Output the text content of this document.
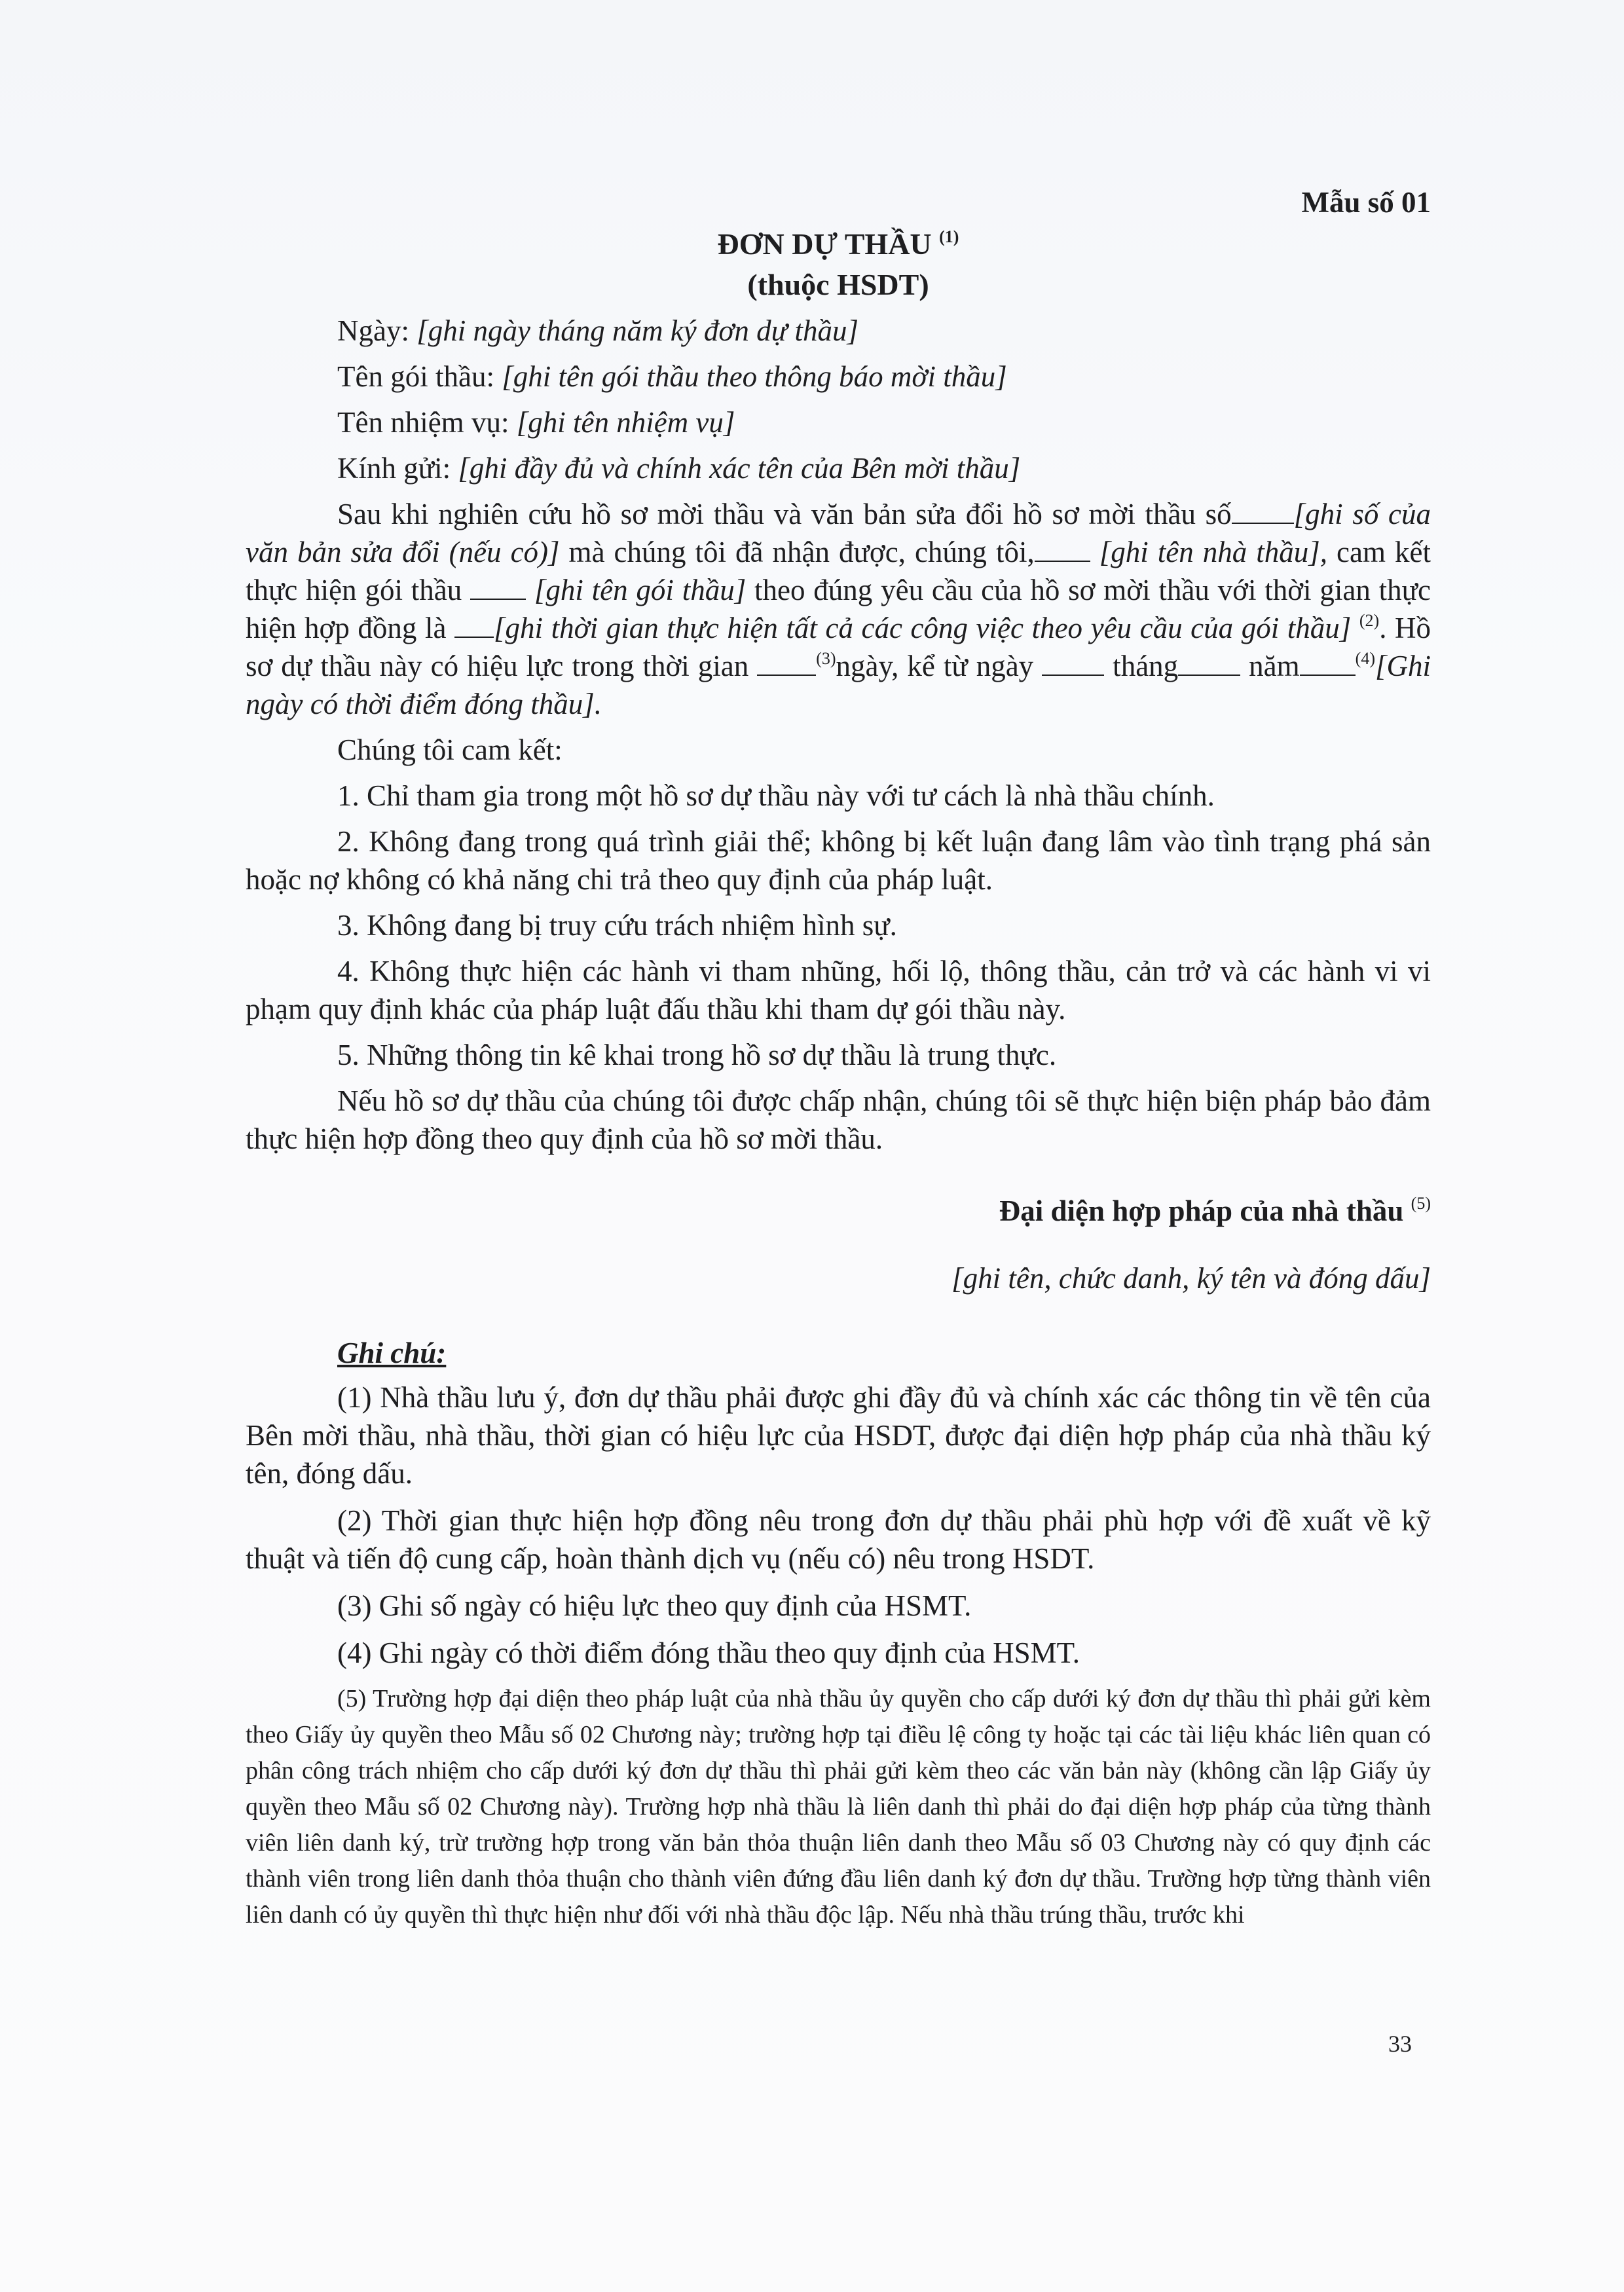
Mẫu số 01

ĐƠN DỰ THẦU $^{(1)}$

(thuộc HSDT)

Ngày: [ghi ngày tháng năm ký đơn dự thầu]

Tên gói thầu: [ghi tên gói thầu theo thông báo mời thầu]

Tên nhiệm vụ: [ghi tên nhiệm vụ]

Kính gửi: [ghi đầy đủ và chính xác tên của Bên mời thầu]

Sau khi nghiên cứu hồ sơ mời thầu và văn bản sửa đổi hồ sơ mời thầu số [ghi số của văn bản sửa đổi (nếu có)] mà chúng tôi đã nhận được, chúng tôi, [ghi tên nhà thầu], cam kết thực hiện gói thầu  [ghi tên gói thầu] theo đúng yêu cầu của hồ sơ mời thầu với thời gian thực hiện hợp đồng là [ghi thời gian thực hiện tất cả các công việc theo yêu cầu của gói thầu] $^{(2)}$. Hồ sơ dự thầu này có hiệu lực trong thời gian	$^{(3)}$ngày, kể từ ngày  tháng năm	$^{(4)}$[Ghi ngày có thời điểm đóng thầu].

Chúng tôi cam kết:

1. Chỉ tham gia trong một hồ sơ dự thầu này với tư cách là nhà thầu chính.

2. Không đang trong quá trình giải thể; không bị kết luận đang lâm vào tình trạng phá sản hoặc nợ không có khả năng chi trả theo quy định của pháp luật.

3. Không đang bị truy cứu trách nhiệm hình sự.

4. Không thực hiện các hành vi tham nhũng, hối lộ, thông thầu, cản trở và các hành vi vi phạm quy định khác của pháp luật đấu thầu khi tham dự gói thầu này.

5. Những thông tin kê khai trong hồ sơ dự thầu là trung thực.

Nếu hồ sơ dự thầu của chúng tôi được chấp nhận, chúng tôi sẽ thực hiện biện pháp bảo đảm thực hiện hợp đồng theo quy định của hồ sơ mời thầu.

Đại diện hợp pháp của nhà thầu $^{(5)}$

[ghi tên, chức danh, ký tên và đóng dấu]

Ghi chú:

(1) Nhà thầu lưu ý, đơn dự thầu phải được ghi đầy đủ và chính xác các thông tin về tên của Bên mời thầu, nhà thầu, thời gian có hiệu lực của HSDT, được đại diện hợp pháp của nhà thầu ký tên, đóng dấu.

(2) Thời gian thực hiện hợp đồng nêu trong đơn dự thầu phải phù hợp với đề xuất về kỹ thuật và tiến độ cung cấp, hoàn thành dịch vụ (nếu có) nêu trong HSDT.

(3) Ghi số ngày có hiệu lực theo quy định của HSMT.

(4) Ghi ngày có thời điểm đóng thầu theo quy định của HSMT.

(5) Trường hợp đại diện theo pháp luật của nhà thầu ủy quyền cho cấp dưới ký đơn dự thầu thì phải gửi kèm theo Giấy ủy quyền theo Mẫu số 02 Chương này; trường hợp tại điều lệ công ty hoặc tại các tài liệu khác liên quan có phân công trách nhiệm cho cấp dưới ký đơn dự thầu thì phải gửi kèm theo các văn bản này (không cần lập Giấy ủy quyền theo Mẫu số 02 Chương này). Trường hợp nhà thầu là liên danh thì phải do đại diện hợp pháp của từng thành viên liên danh ký, trừ trường hợp trong văn bản thỏa thuận liên danh theo Mẫu số 03 Chương này có quy định các thành viên trong liên danh thỏa thuận cho thành viên đứng đầu liên danh ký đơn dự thầu. Trường hợp từng thành viên liên danh có ủy quyền thì thực hiện như đối với nhà thầu độc lập. Nếu nhà thầu trúng thầu, trước khi

33
